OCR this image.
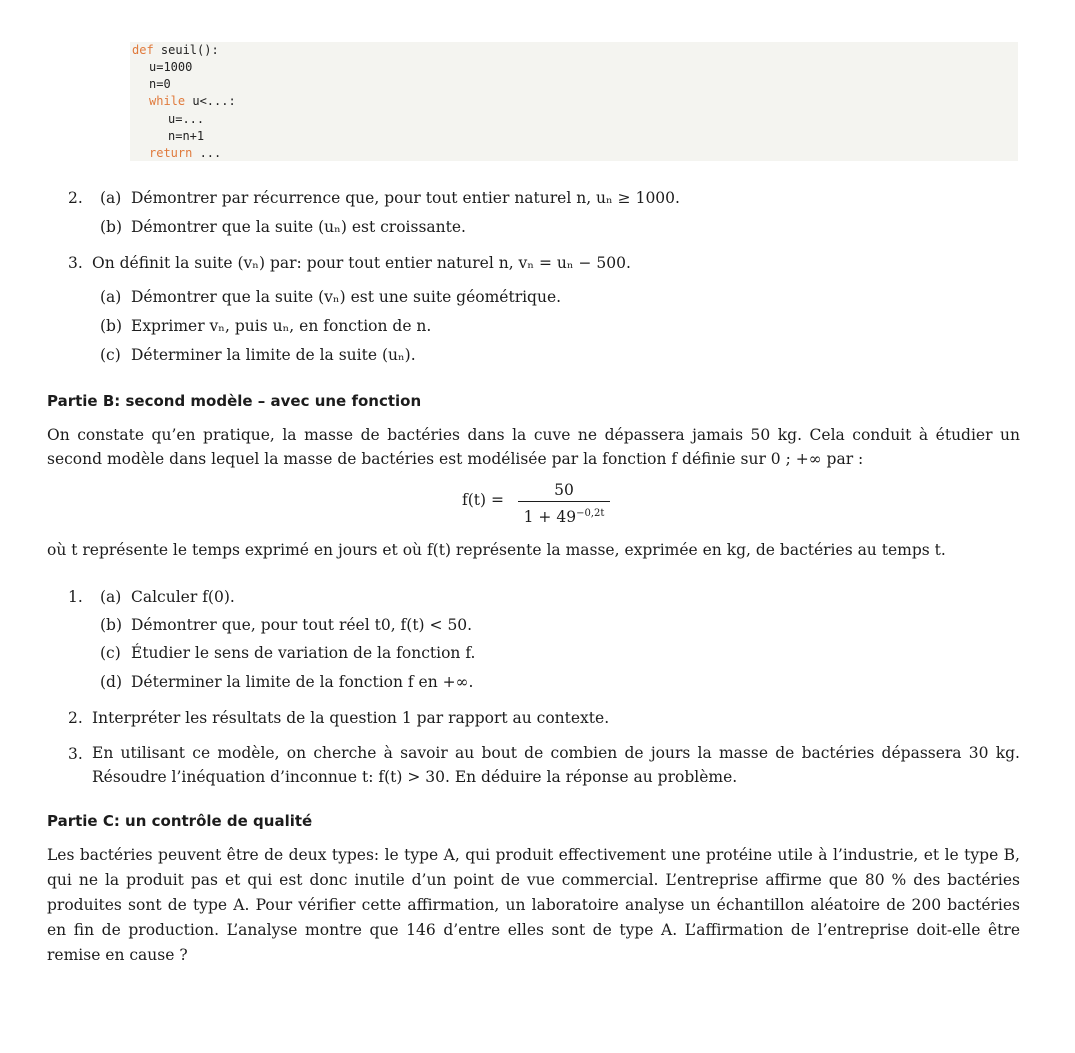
def seuil():
u=1000
n=0
while u<...:
u=...
n=n+1
return ...
2. (a) Démontrer par récurrence que, pour tout entier naturel n, uₙ ≥ 1000.
(b) Démontrer que la suite (uₙ) est croissante.
3. On définit la suite (vₙ) par: pour tout entier naturel n, vₙ = uₙ − 500.
(a) Démontrer que la suite (vₙ) est une suite géométrique.
(b) Exprimer vₙ, puis uₙ, en fonction de n.
(c) Déterminer la limite de la suite (uₙ).
Partie B: second modèle – avec une fonction

On constate qu’en pratique, la masse de bactéries dans la cuve ne dépassera jamais 50 kg. Cela conduit à étudier un second modèle dans lequel la masse de bactéries est modélisée par la fonction f définie sur 0 ; +∞ par :

f(t) =
50
$1 + 49^{-0,2t}$
où t représente le temps exprimé en jours et où f(t) représente la masse, exprimée en kg, de bactéries au temps t.
1. (a) Calculer f(0).
(b) Démontrer que, pour tout réel t0, f(t) < 50.
(c) Étudier le sens de variation de la fonction f.
(d) Déterminer la limite de la fonction f en +∞.
2. Interpréter les résultats de la question 1 par rapport au contexte.
3. En utilisant ce modèle, on cherche à savoir au bout de combien de jours la masse de bactéries dépassera 30 kg. Résoudre l’inéquation d’inconnue t: f(t) > 30. En déduire la réponse au problème.

Partie C: un contrôle de qualité

Les bactéries peuvent être de deux types: le type A, qui produit effectivement une protéine utile à l’industrie, et le type B, qui ne la produit pas et qui est donc inutile d’un point de vue commercial. L’entreprise affirme que 80 % des bactéries produites sont de type A. Pour vérifier cette affirmation, un laboratoire analyse un échantillon aléatoire de 200 bactéries en fin de production. L’analyse montre que 146 d’entre elles sont de type A. L’affirmation de l’entreprise doit-elle être remise en cause ?
